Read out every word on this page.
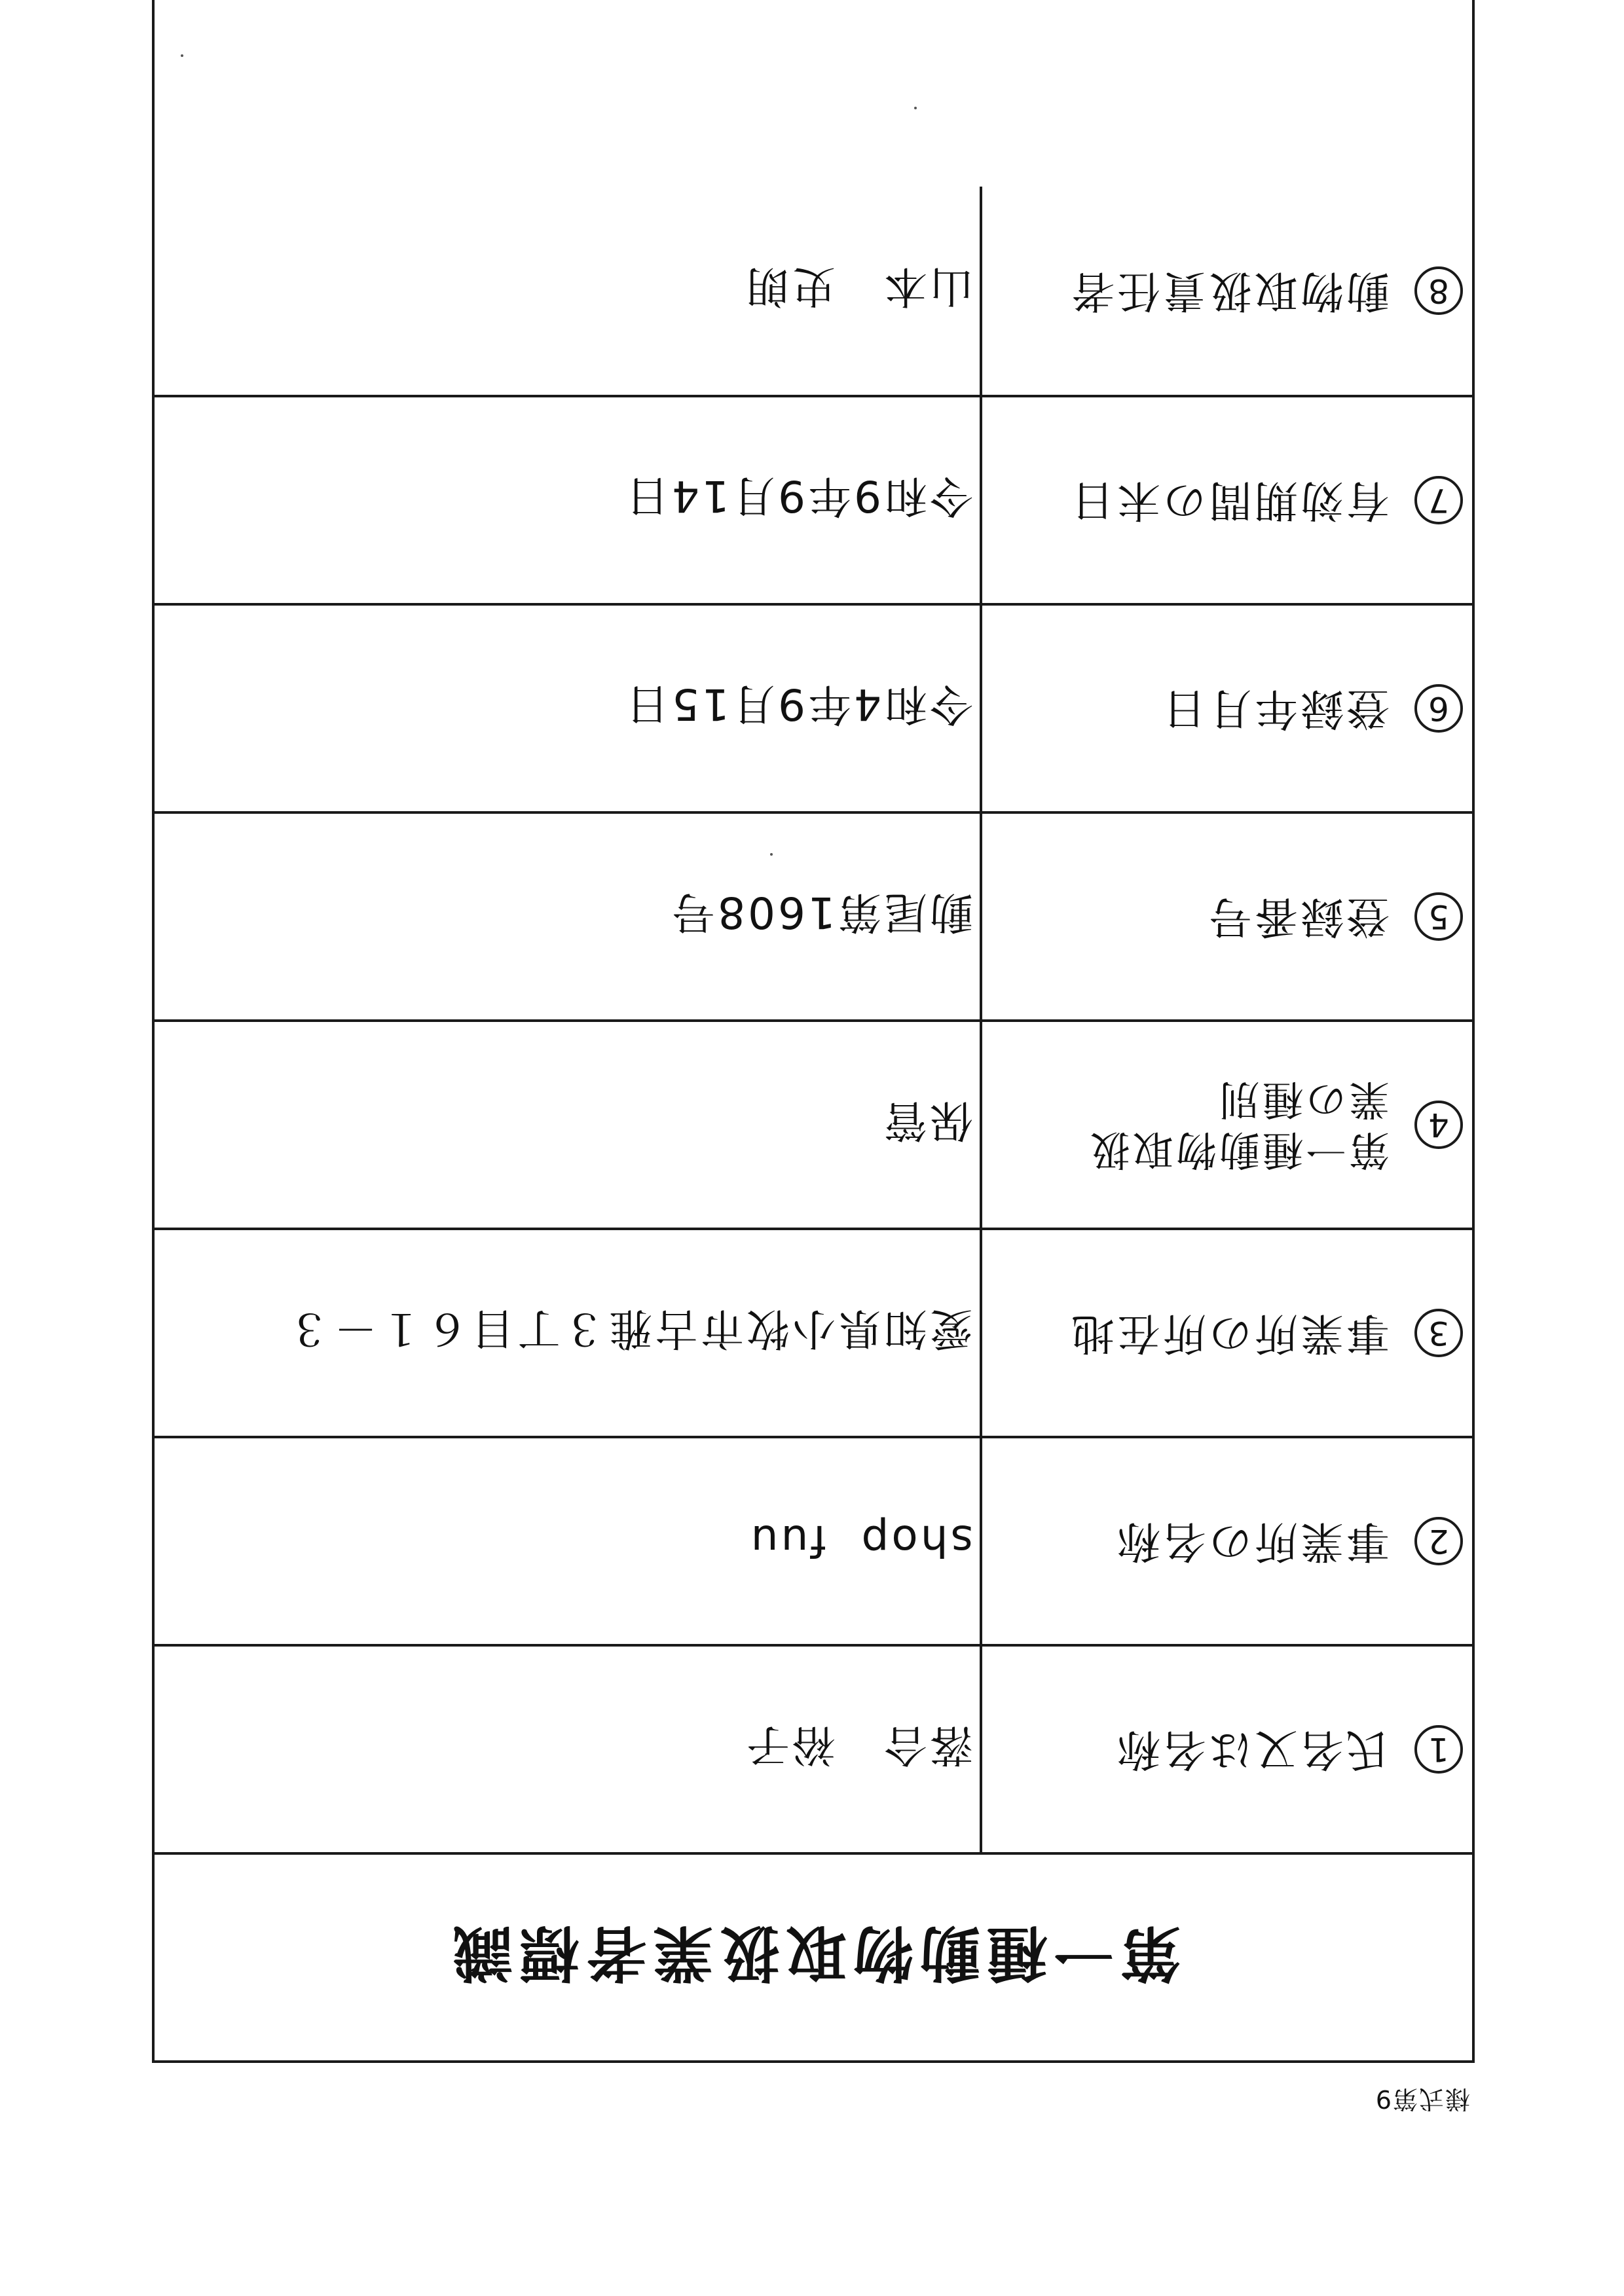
様式第9
第一種動物取扱業者標識
1
氏名又は名称
落合　裕子
2
事業所の名称
shop  fuu
3
事業所の所在地
愛知県小牧市古雅３丁目６１－３
4
第一種動物取扱
業の種別
保管
5
登録番号
動尾第1608号
6
登録年月日
令和4年9月15日
7
有効期間の末日
令和9年9月14日
8
動物取扱責任者
山本　史朗
